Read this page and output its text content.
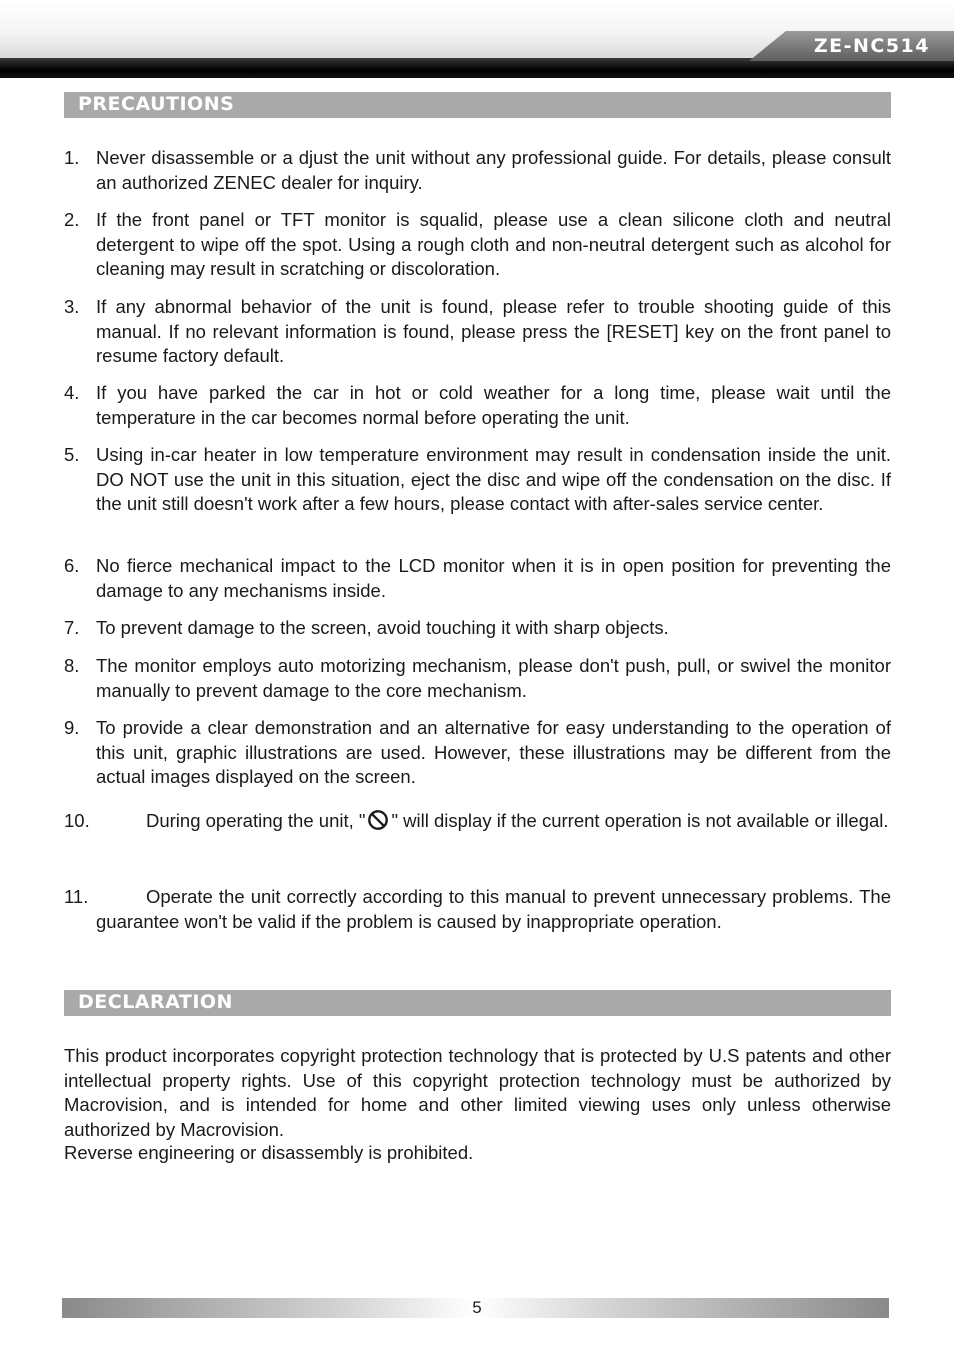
ZE-NC514
PRECAUTIONS
1. Never disassemble or a djust the unit without any professional guide. For details, please consult an authorized ZENEC dealer for inquiry.
2. If the front panel or TFT monitor is squalid, please use a clean silicone cloth and neutral detergent to wipe off the spot. Using a rough cloth and non-neutral detergent such as alcohol for cleaning may result in scratching or discoloration.
3. If any abnormal behavior of the unit is found, please refer to trouble shooting guide of this manual. If no relevant information is found, please press the [RESET] key on the front panel to resume factory default.
4. If you have parked the car in hot or cold weather for a long time, please wait until the temperature in the car becomes normal before operating the unit.
5. Using in-car heater in low temperature environment may result in condensation inside the unit. DO NOT use the unit in this situation, eject the disc and wipe off the condensation on the disc. If the unit still doesn't work after a few hours, please contact with after-sales service center.
6. No fierce mechanical impact to the LCD monitor when it is in open position for preventing the damage to any mechanisms inside.
7. To prevent damage to the screen, avoid touching it with sharp objects.
8. The monitor employs auto motorizing mechanism, please don't push, pull, or swivel the monitor manually to prevent damage to the core mechanism.
9. To provide a clear demonstration and an alternative for easy understanding to the operation of this unit, graphic illustrations are used. However, these illustrations may be different from the actual images displayed on the screen.
10.	During operating the unit, " " will display if the current operation is not available or illegal.
11.	Operate the unit correctly according to this manual to prevent unnecessary problems. The guarantee won't be valid if the problem is caused by inappropriate operation.
DECLARATION
This product incorporates copyright protection technology that is protected by U.S patents and other intellectual property rights. Use of this copyright protection technology must be authorized by Macrovision, and is intended for home and other limited viewing uses only unless otherwise authorized by Macrovision.
Reverse engineering or disassembly is prohibited.
5
